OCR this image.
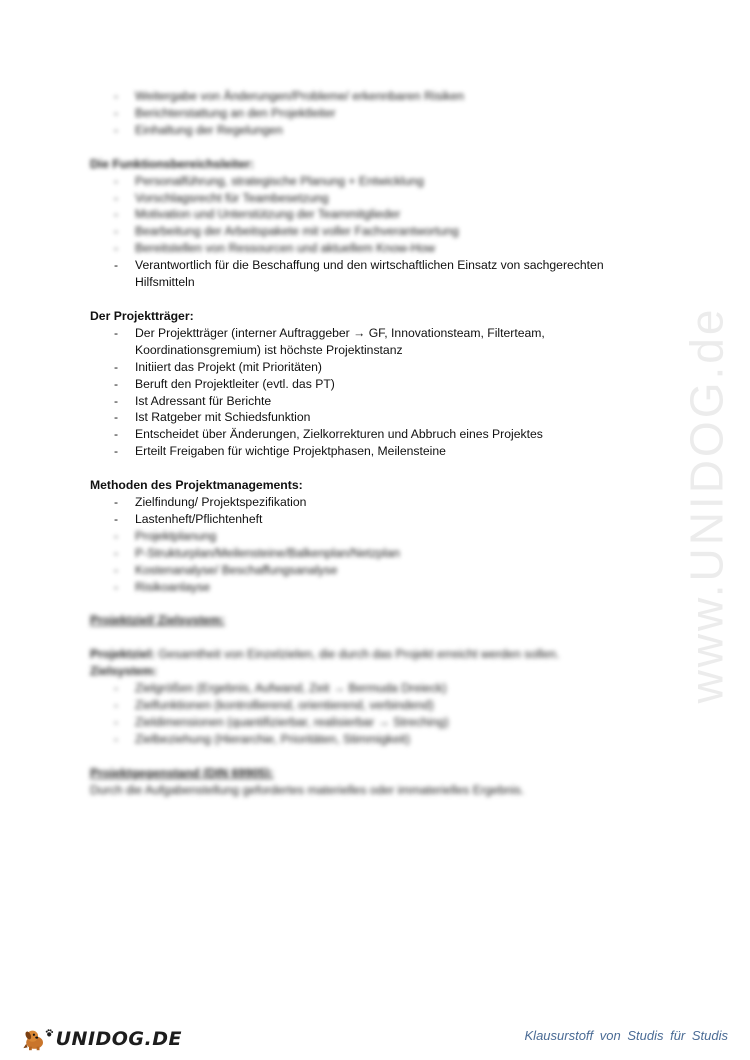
www.UNIDOG.de
- Weitergabe von Änderungen/Probleme/ erkennbaren Risiken
- Berichterstattung an den Projektleiter
- Einhaltung der Regelungen

Die Funktionsbereichsleiter:

- Personalführung, strategische Planung + Entwicklung
- Vorschlagsrecht für Teambesetzung
- Motivation und Unterstützung der Teammitglieder
- Bearbeitung der Arbeitspakete mit voller Fachverantwortung
- Bereitstellen von Ressourcen und aktuellem Know-How
- Verantwortlich für die Beschaffung und den wirtschaftlichen Einsatz von sachgerechten Hilfsmitteln

Der Projektträger:

- Der Projektträger (interner Auftraggeber → GF, Innovationsteam, Filterteam, Koordinationsgremium) ist höchste Projektinstanz
- Initiiert das Projekt (mit Prioritäten)
- Beruft den Projektleiter (evtl. das PT)
- Ist Adressant für Berichte
- Ist Ratgeber mit Schiedsfunktion
- Entscheidet über Änderungen, Zielkorrekturen und Abbruch eines Projektes
- Erteilt Freigaben für wichtige Projektphasen, Meilensteine

Methoden des Projektmanagements:

- Zielfindung/ Projektspezifikation
- Lastenheft/Pflichtenheft
- Projektplanung
- P-Strukturplan/Meilensteine/Balkenplan/Netzplan
- Kostenanalyse/ Beschaffungsanalyse
- Risikoanlayse

Projektziel/ Zielsystem:

Projektziel: Gesamtheit von Einzelzielen, die durch das Projekt erreicht werden sollen.

Zielsystem:

- Zielgrößen (Ergebnis, Aufwand, Zeit → Bermuda Dreieck)
- Zielfunktionen (kontrollierend, orientierend, verbindend)
- Zieldimensionen (quantifizierbar, realisierbar → Streching)
- Zielbeziehung (Hierarchie, Prioritäten, Stimmigkeit)

Projektgegenstand (DIN 69905):

Durch die Aufgabenstellung gefordertes materielles oder immaterielles Ergebnis.

UNIDOG.DE	Klausurstoff von Studis für Studis
